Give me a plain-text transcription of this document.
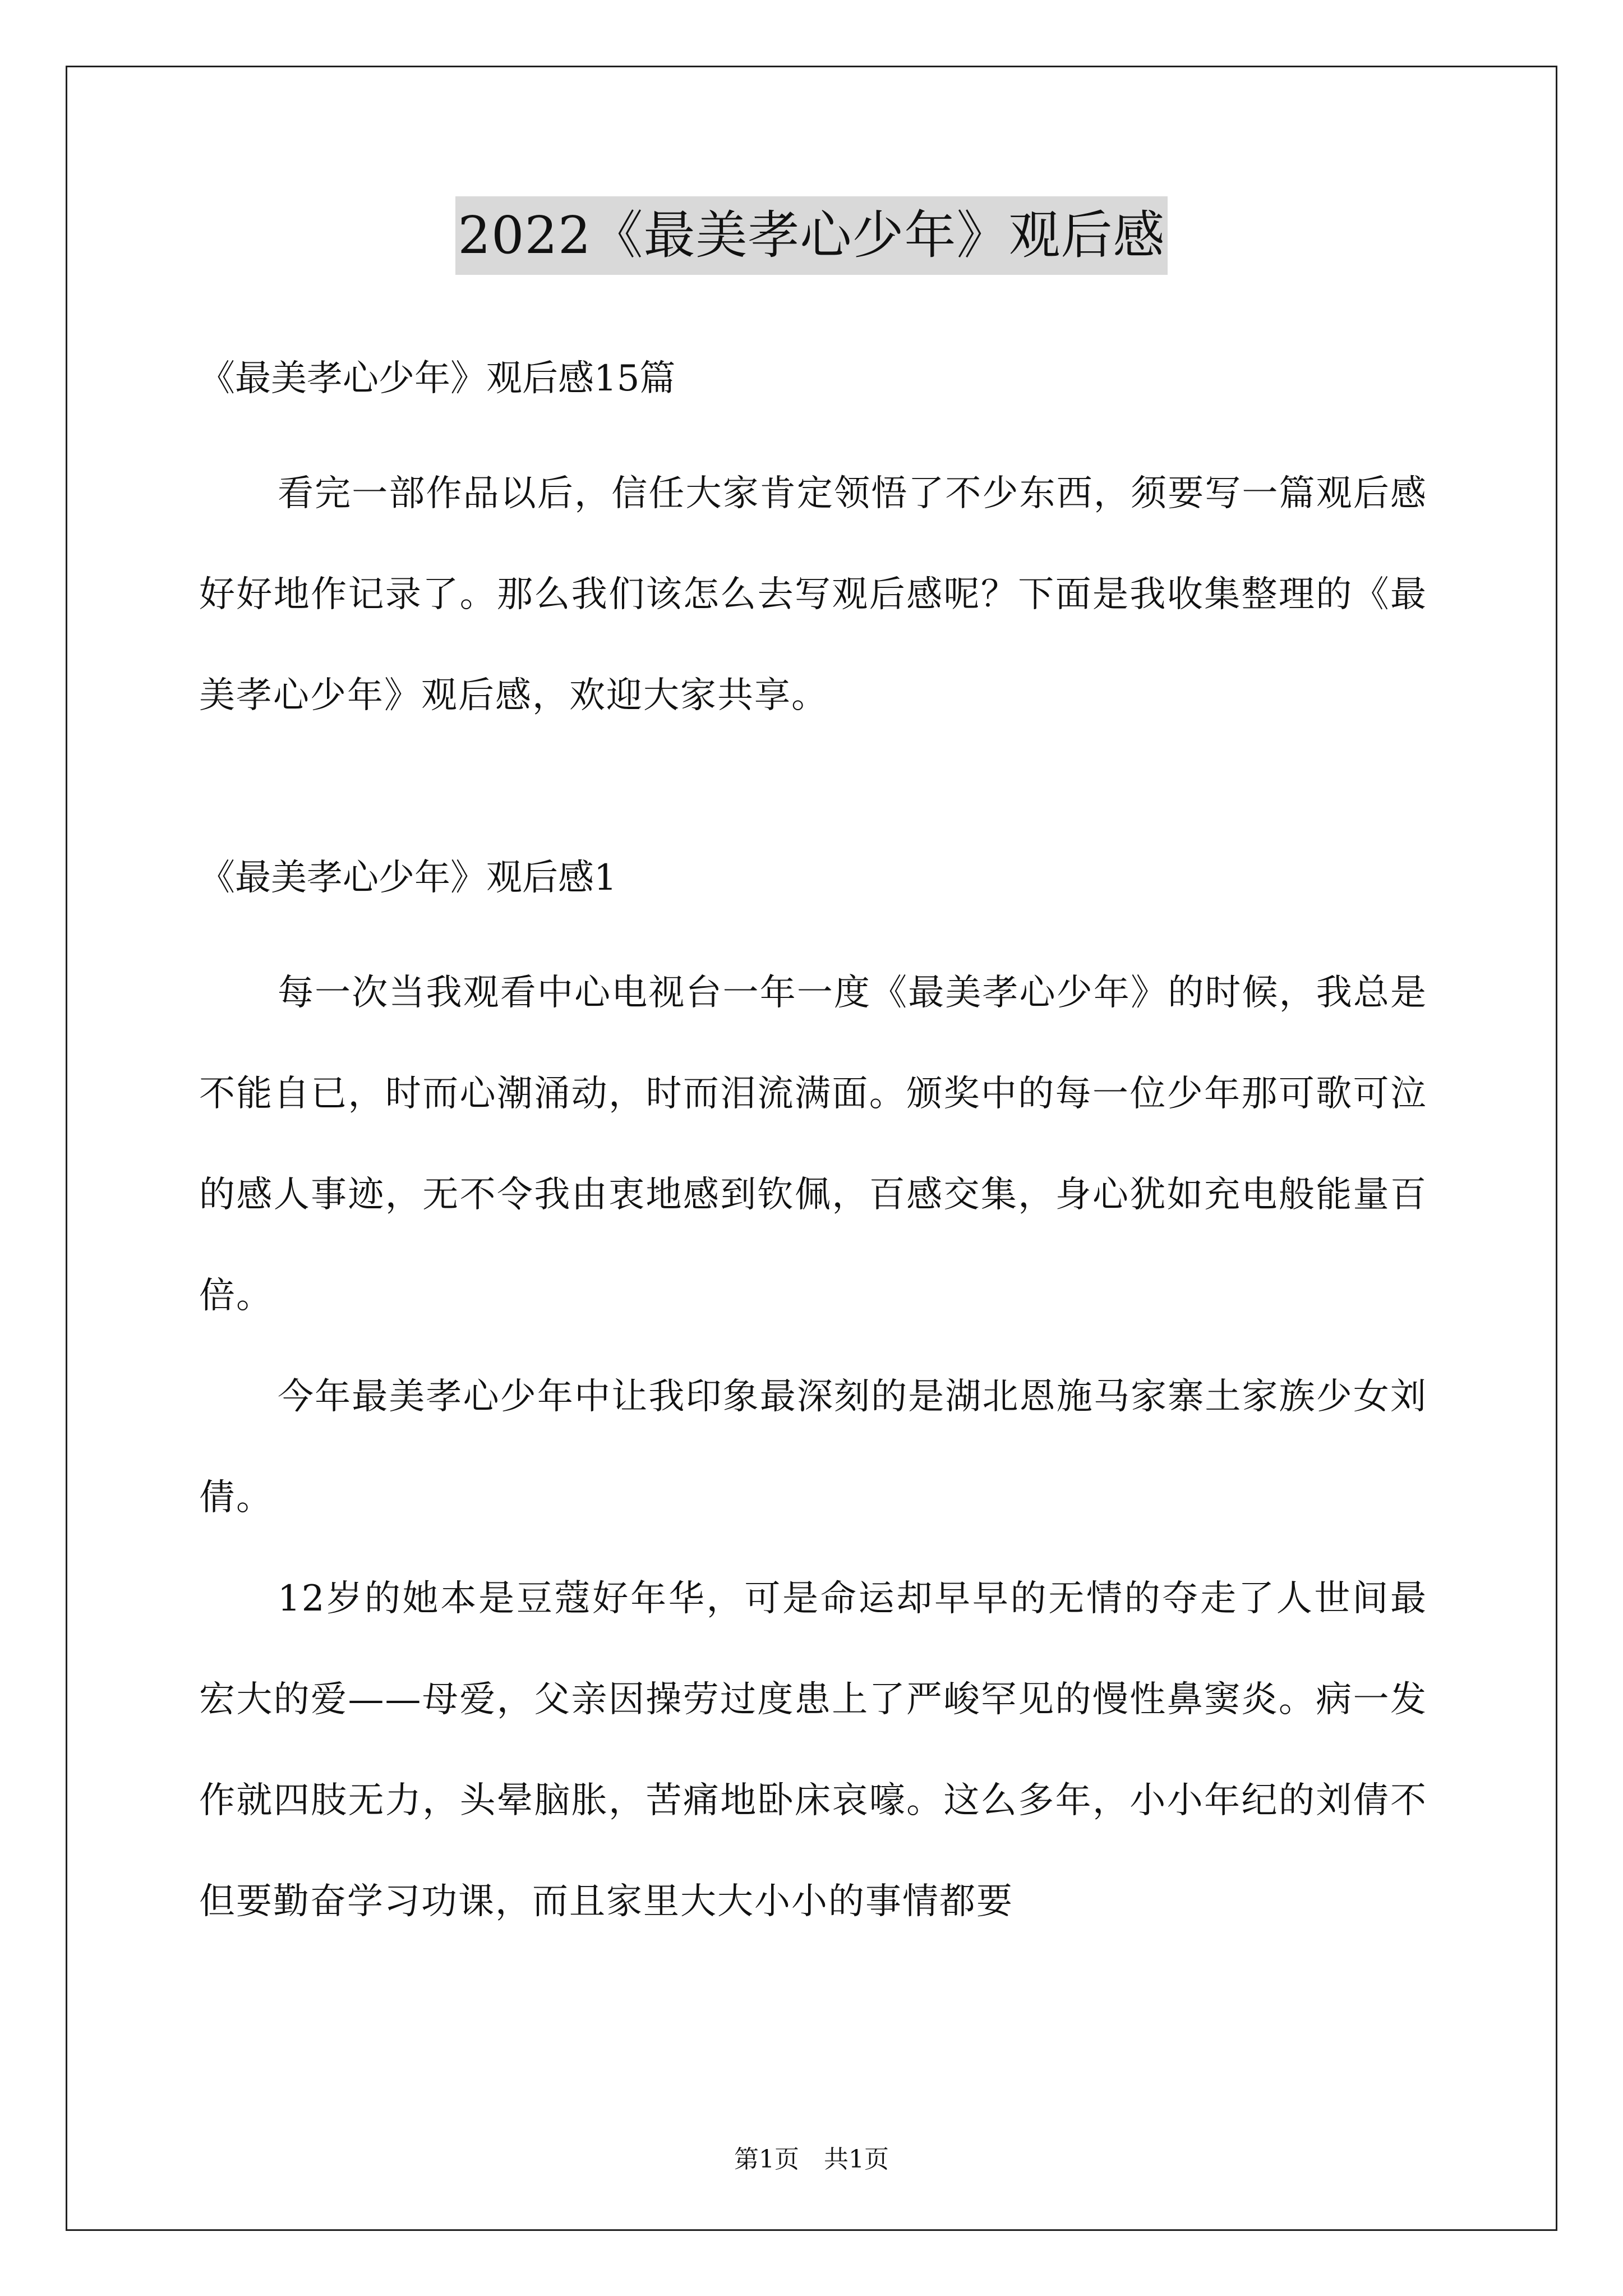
2022《最美孝心少年》观后感

《最美孝心少年》观后感15篇

看完一部作品以后，信任大家肯定领悟了不少东西，须要写一篇观后感好好地作记录了。那么我们该怎么去写观后感呢？下面是我收集整理的《最美孝心少年》观后感，欢迎大家共享。

《最美孝心少年》观后感1

每一次当我观看中心电视台一年一度《最美孝心少年》的时候，我总是不能自已，时而心潮涌动，时而泪流满面。颁奖中的每一位少年那可歌可泣的感人事迹，无不令我由衷地感到钦佩，百感交集，身心犹如充电般能量百倍。

今年最美孝心少年中让我印象最深刻的是湖北恩施马家寨土家族少女刘倩。

12岁的她本是豆蔻好年华，可是命运却早早的无情的夺走了人世间最宏大的爱——母爱，父亲因操劳过度患上了严峻罕见的慢性鼻窦炎。病一发作就四肢无力，头晕脑胀，苦痛地卧床哀嚎。这么多年，小小年纪的刘倩不但要勤奋学习功课，而且家里大大小小的事情都要

第1页　共1页
